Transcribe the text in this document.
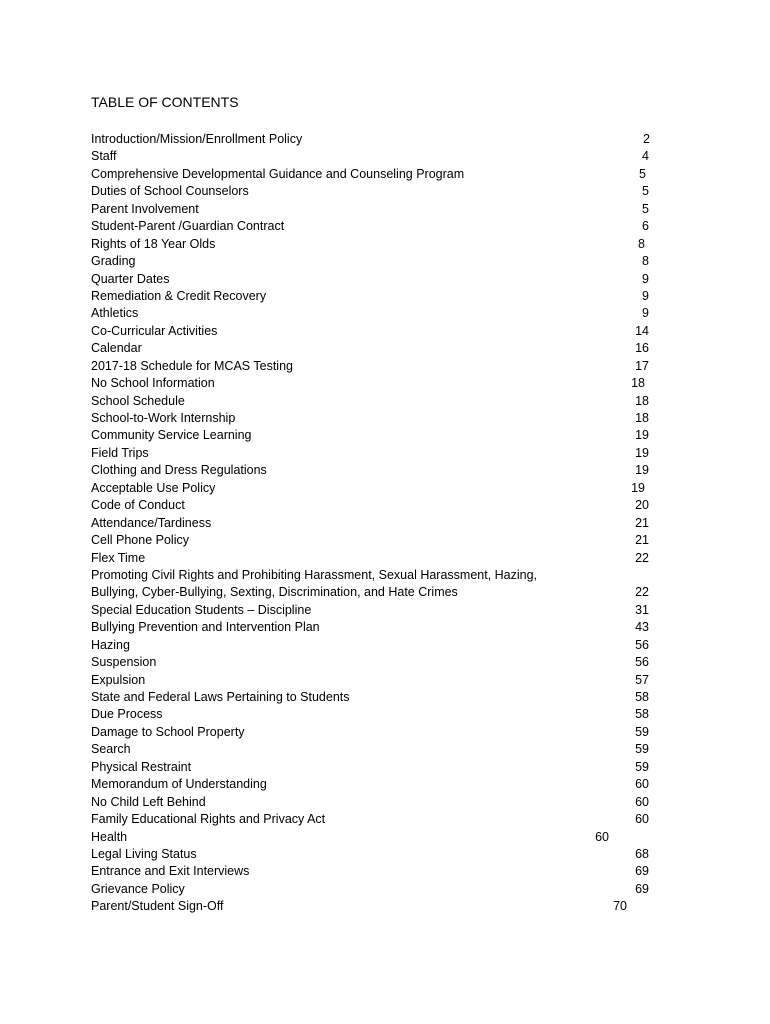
TABLE OF CONTENTS
Introduction/Mission/Enrollment Policy	2
Staff	4
Comprehensive Developmental Guidance and Counseling Program	5
Duties of School Counselors	5
Parent Involvement	5
Student-Parent /Guardian Contract	6
Rights of 18 Year Olds	8
Grading	8
Quarter Dates	9
Remediation & Credit Recovery	9
Athletics	9
Co-Curricular Activities	14
Calendar	16
2017-18 Schedule for MCAS Testing	17
No School Information	18
School Schedule	18
School-to-Work Internship	18
Community Service Learning	19
Field Trips	19
Clothing and Dress Regulations	19
Acceptable Use Policy	19
Code of Conduct	20
Attendance/Tardiness	21
Cell Phone Policy	21
Flex Time	22
Promoting Civil Rights and Prohibiting Harassment, Sexual Harassment, Hazing, Bullying, Cyber-Bullying, Sexting, Discrimination, and Hate Crimes	22
Special Education Students – Discipline	31
Bullying Prevention and Intervention Plan	43
Hazing	56
Suspension	56
Expulsion	57
State and Federal Laws Pertaining to Students	58
Due Process	58
Damage to School Property	59
Search	59
Physical Restraint	59
Memorandum of Understanding	60
No Child Left Behind	60
Family Educational Rights and Privacy Act	60
Health	60
Legal Living Status	68
Entrance and Exit Interviews	69
Grievance Policy	69
Parent/Student Sign-Off	70
